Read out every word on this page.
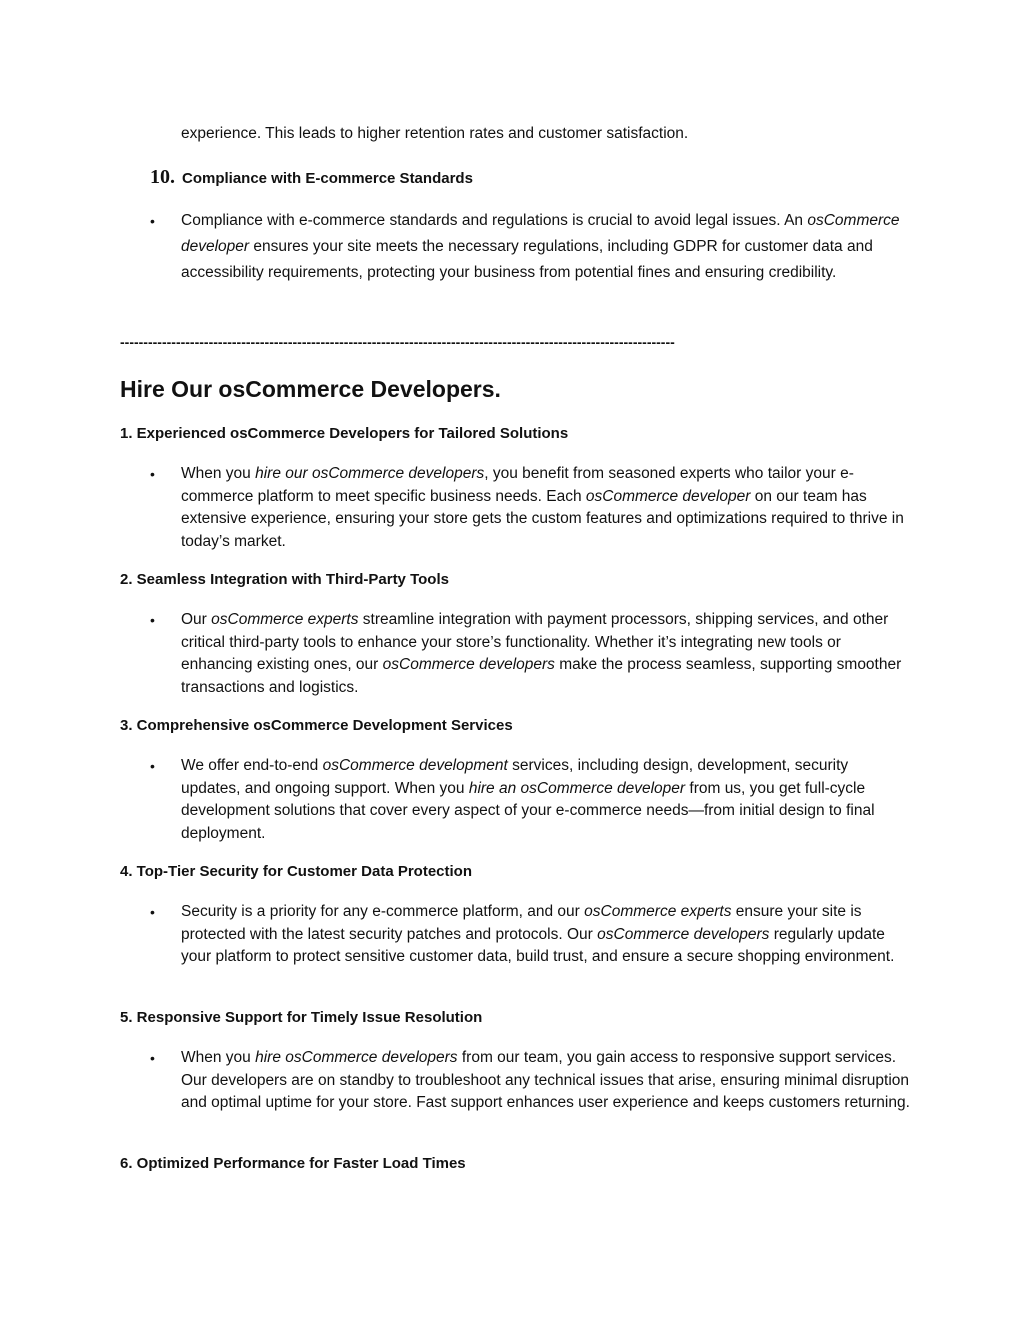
experience. This leads to higher retention rates and customer satisfaction.
10. Compliance with E-commerce Standards
•	Compliance with e-commerce standards and regulations is crucial to avoid legal issues. An osCommerce developer ensures your site meets the necessary regulations, including GDPR for customer data and accessibility requirements, protecting your business from potential fines and ensuring credibility.
-----------------------------------------------------------------------------------------------------------------------
Hire Our osCommerce Developers.
1. Experienced osCommerce Developers for Tailored Solutions
•	When you hire our osCommerce developers, you benefit from seasoned experts who tailor your e-commerce platform to meet specific business needs. Each osCommerce developer on our team has extensive experience, ensuring your store gets the custom features and optimizations required to thrive in today’s market.
2. Seamless Integration with Third-Party Tools
•	Our osCommerce experts streamline integration with payment processors, shipping services, and other critical third-party tools to enhance your store’s functionality. Whether it’s integrating new tools or enhancing existing ones, our osCommerce developers make the process seamless, supporting smoother transactions and logistics.
3. Comprehensive osCommerce Development Services
•	We offer end-to-end osCommerce development services, including design, development, security updates, and ongoing support. When you hire an osCommerce developer from us, you get full-cycle development solutions that cover every aspect of your e-commerce needs—from initial design to final deployment.
4. Top-Tier Security for Customer Data Protection
•	Security is a priority for any e-commerce platform, and our osCommerce experts ensure your site is protected with the latest security patches and protocols. Our osCommerce developers regularly update your platform to protect sensitive customer data, build trust, and ensure a secure shopping environment.
5. Responsive Support for Timely Issue Resolution
•	When you hire osCommerce developers from our team, you gain access to responsive support services. Our developers are on standby to troubleshoot any technical issues that arise, ensuring minimal disruption and optimal uptime for your store. Fast support enhances user experience and keeps customers returning.
6. Optimized Performance for Faster Load Times
